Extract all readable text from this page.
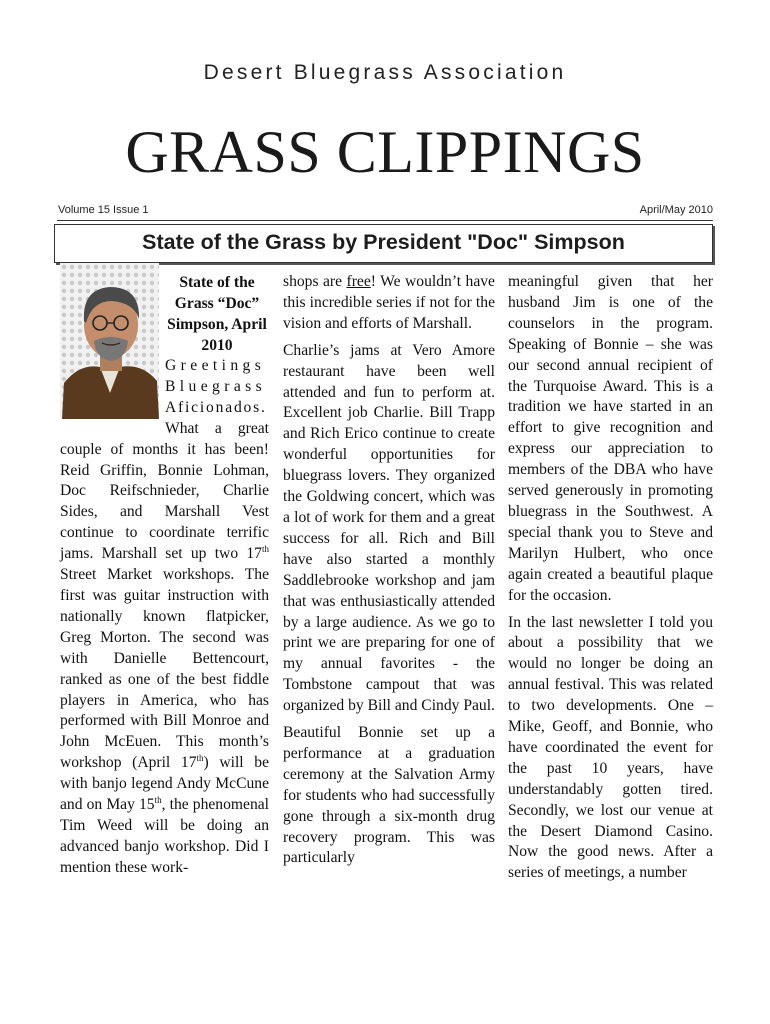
Desert Bluegrass Association
GRASS CLIPPINGS
Volume 15 Issue 1	April/May 2010
State of the Grass by President "Doc" Simpson
State of the Grass “Doc” Simpson, April 2010
Greetings
Bluegrass
Aficionados.

What a great couple of months it has been! Reid Griffin, Bonnie Lohman, Doc Reifschnieder, Charlie Sides, and Marshall Vest continue to coordinate terrific jams. Marshall set up two 17th Street Market workshops. The first was guitar instruction with nationally known flatpicker, Greg Morton. The second was with Danielle Bettencourt, ranked as one of the best fiddle players in America, who has performed with Bill Monroe and John McEuen. This month’s workshop (April 17th) will be with banjo legend Andy McCune and on May 15th, the phenomenal Tim Weed will be doing an advanced banjo workshop. Did I mention these work-

shops are free! We wouldn’t have this incredible series if not for the vision and efforts of Marshall.

Charlie’s jams at Vero Amore restaurant have been well attended and fun to perform at. Excellent job Charlie. Bill Trapp and Rich Erico continue to create wonderful opportunities for bluegrass lovers. They organized the Goldwing concert, which was a lot of work for them and a great success for all. Rich and Bill have also started a monthly Saddlebrooke workshop and jam that was enthusiastically attended by a large audience. As we go to print we are preparing for one of my annual favorites - the Tombstone campout that was organized by Bill and Cindy Paul.

Beautiful Bonnie set up a performance at a graduation ceremony at the Salvation Army for students who had successfully gone through a six-month drug recovery program. This was particularly

meaningful given that her husband Jim is one of the counselors in the program. Speaking of Bonnie – she was our second annual recipient of the Turquoise Award. This is a tradition we have started in an effort to give recognition and express our appreciation to members of the DBA who have served generously in promoting bluegrass in the Southwest. A special thank you to Steve and Marilyn Hulbert, who once again created a beautiful plaque for the occasion.

In the last newsletter I told you about a possibility that we would no longer be doing an annual festival. This was related to two developments. One – Mike, Geoff, and Bonnie, who have coordinated the event for the past 10 years, have understandably gotten tired. Secondly, we lost our venue at the Desert Diamond Casino. Now the good news. After a series of meetings, a number
